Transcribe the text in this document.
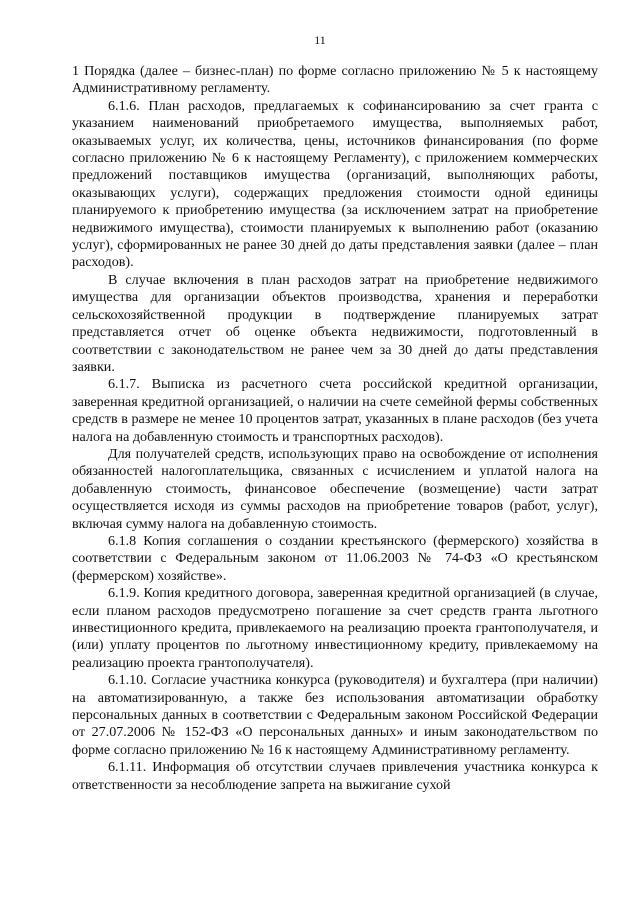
11

1 Порядка (далее – бизнес-план) по форме согласно приложению № 5 к настоящему Административному регламенту.

6.1.6. План расходов, предлагаемых к софинансированию за счет гранта с указанием наименований приобретаемого имущества, выполняемых работ, оказываемых услуг, их количества, цены, источников финансирования (по форме согласно приложению № 6 к настоящему Регламенту), с приложением коммерческих предложений поставщиков имущества (организаций, выполняющих работы, оказывающих услуги), содержащих предложения стоимости одной единицы планируемого к приобретению имущества (за исключением затрат на приобретение недвижимого имущества), стоимости планируемых к выполнению работ (оказанию услуг), сформированных не ранее 30 дней до даты представления заявки (далее – план расходов).

В случае включения в план расходов затрат на приобретение недвижимого имущества для организации объектов производства, хранения и переработки сельскохозяйственной продукции в подтверждение планируемых затрат представляется отчет об оценке объекта недвижимости, подготовленный в соответствии с законодательством не ранее чем за 30 дней до даты представления заявки.

6.1.7. Выписка из расчетного счета российской кредитной организации, заверенная кредитной организацией, о наличии на счете семейной фермы собственных средств в размере не менее 10 процентов затрат, указанных в плане расходов (без учета налога на добавленную стоимость и транспортных расходов).

Для получателей средств, использующих право на освобождение от исполнения обязанностей налогоплательщика, связанных с исчислением и уплатой налога на добавленную стоимость, финансовое обеспечение (возмещение) части затрат осуществляется исходя из суммы расходов на приобретение товаров (работ, услуг), включая сумму налога на добавленную стоимость.

6.1.8 Копия соглашения о создании крестьянского (фермерского) хозяйства в соответствии с Федеральным законом от 11.06.2003 № 74-ФЗ «О крестьянском (фермерском) хозяйстве».

6.1.9. Копия кредитного договора, заверенная кредитной организацией (в случае, если планом расходов предусмотрено погашение за счет средств гранта льготного инвестиционного кредита, привлекаемого на реализацию проекта грантополучателя, и (или) уплату процентов по льготному инвестиционному кредиту, привлекаемому на реализацию проекта грантополучателя).

6.1.10. Согласие участника конкурса (руководителя) и бухгалтера (при наличии) на автоматизированную, а также без использования автоматизации обработку персональных данных в соответствии с Федеральным законом Российской Федерации от 27.07.2006 № 152-ФЗ «О персональных данных» и иным законодательством по форме согласно приложению № 16 к настоящему Административному регламенту.

6.1.11. Информация об отсутствии случаев привлечения участника конкурса к ответственности за несоблюдение запрета на выжигание сухой
